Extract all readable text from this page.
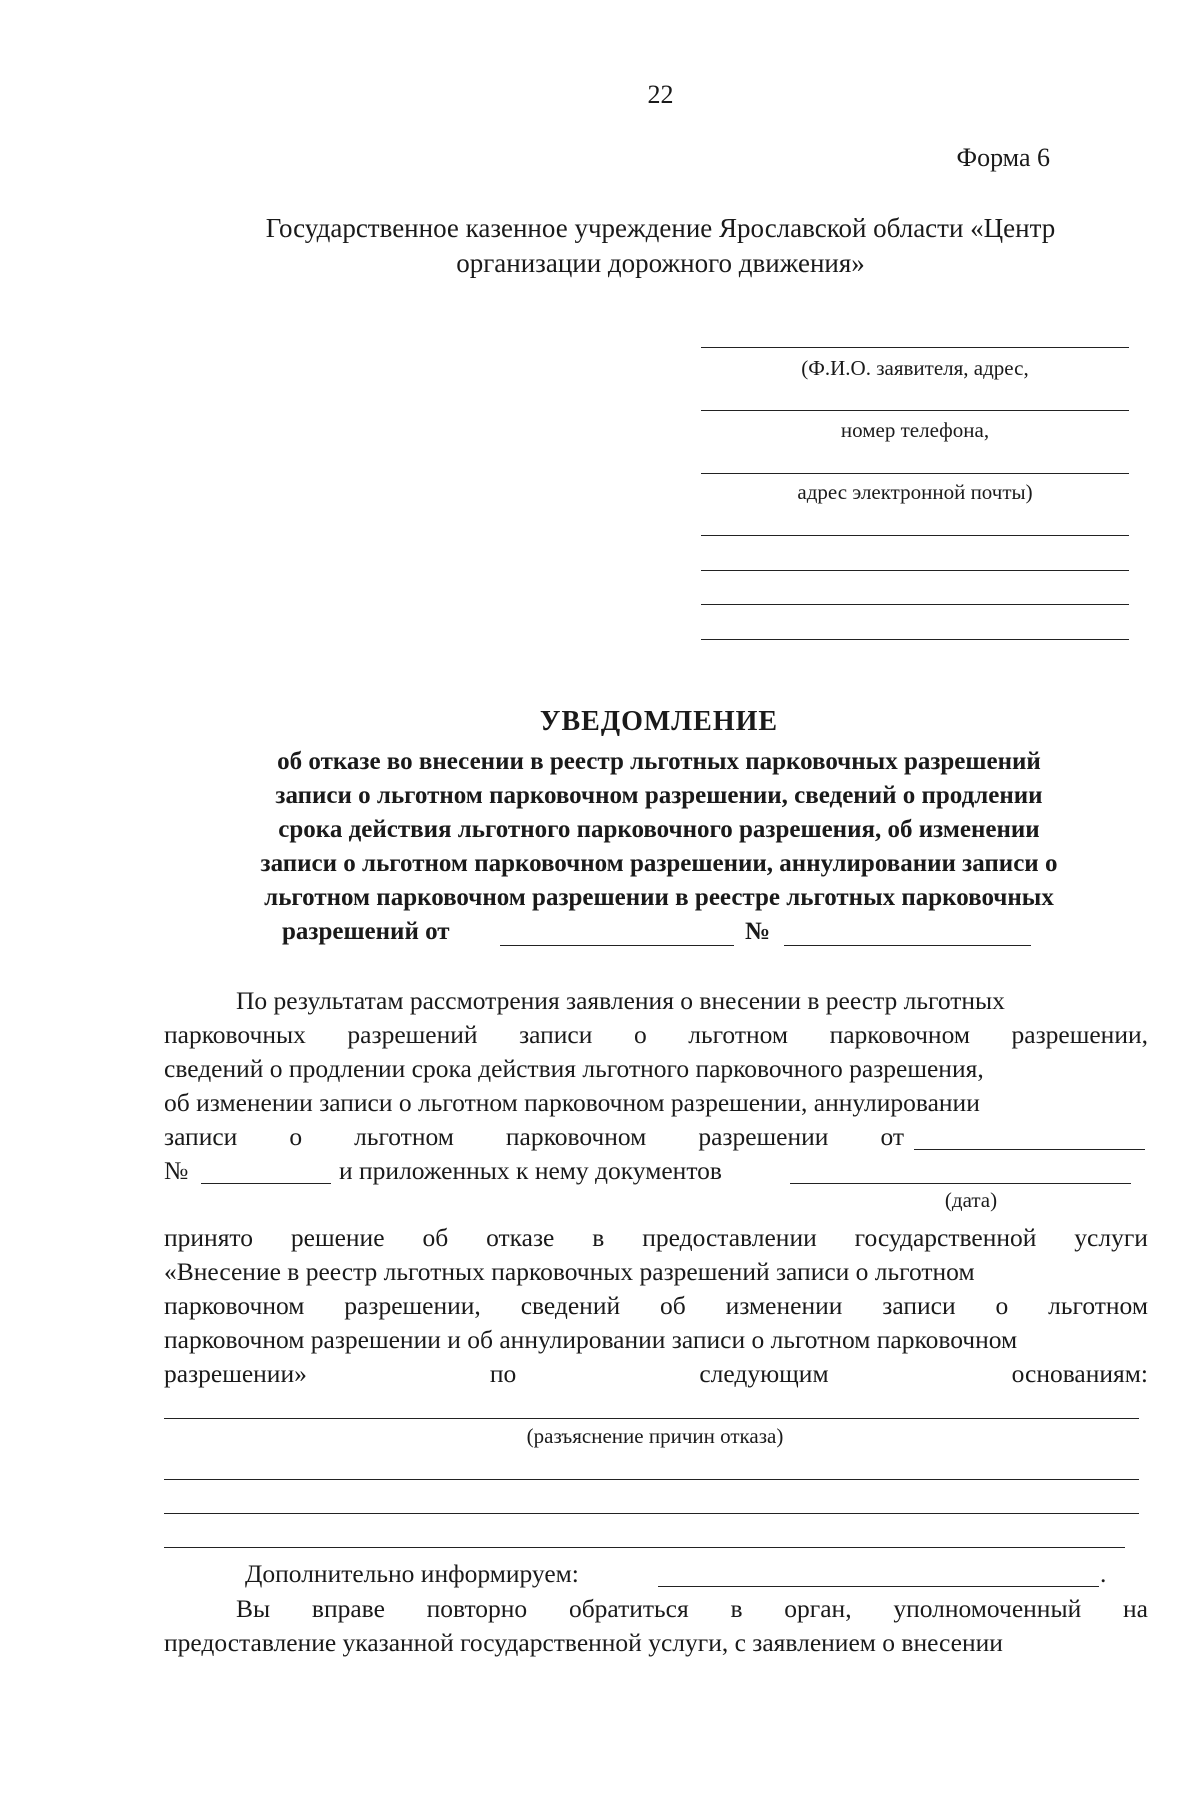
22

Форма 6

Государственное казенное учреждение Ярославской области «Центр

организации дорожного движения»

(Ф.И.О. заявителя, адрес,

номер телефона,

адрес электронной почты)

УВЕДОМЛЕНИЕ

об отказе во внесении в реестр льготных парковочных разрешений

записи о льготном парковочном разрешении, сведений о продлении

срока действия льготного парковочного разрешения, об изменении

записи о льготном парковочном разрешении, аннулировании записи о

льготном парковочном разрешении в реестре льготных парковочных

разрешений от	№

По результатам рассмотрения заявления о внесении в реестр льготных

парковочных разрешений записи о льготном парковочном разрешении,

сведений о продлении срока действия льготного парковочного разрешения,

об изменении записи о льготном парковочном разрешении, аннулировании

записи о льготном парковочном разрешении от

№	и приложенных к нему документов

(дата)

принято решение об отказе в предоставлении государственной услуги

«Внесение в реестр льготных парковочных разрешений записи о льготном

парковочном разрешении, сведений об изменении записи о льготном

парковочном разрешении и об аннулировании записи о льготном парковочном

разрешении»	по	следующим	основаниям:

(разъяснение причин отказа)

Дополнительно информируем:	.

Вы вправе повторно обратиться в орган, уполномоченный на

предоставление указанной государственной услуги, с заявлением о внесении
